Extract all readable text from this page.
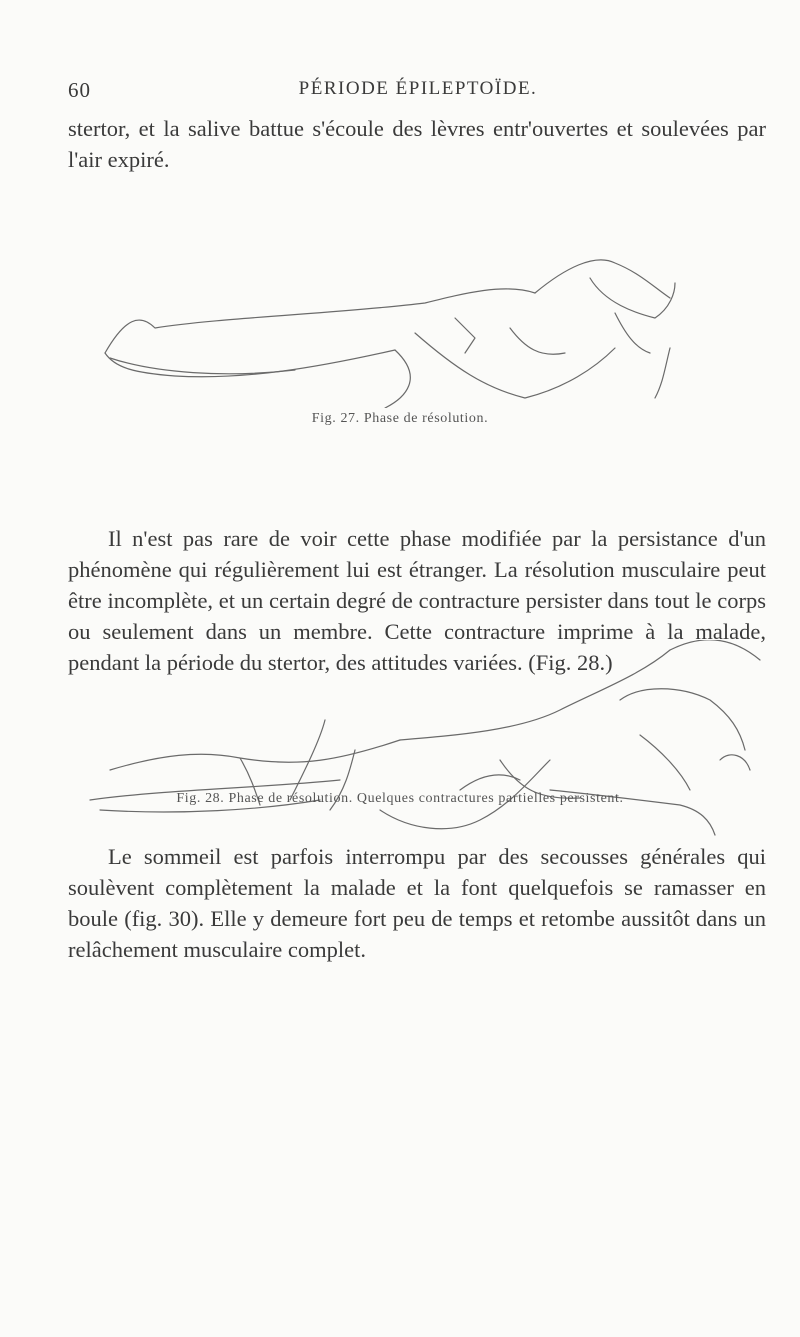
60	PÉRIODE ÉPILEPTOÏDE.

stertor, et la salive battue s'écoule des lèvres entr'ouvertes et soulevées par l'air expiré.

Fig. 27. Phase de résolution.

Il n'est pas rare de voir cette phase modifiée par la persistance d'un phénomène qui régulièrement lui est étranger. La résolution musculaire peut être incomplète, et un certain degré de contracture persister dans tout le corps ou seulement dans un membre. Cette contracture imprime à la malade, pendant la période du stertor, des attitudes variées. (Fig. 28.)

Fig. 28. Phase de résolution. Quelques contractures partielles persistent.

Le sommeil est parfois interrompu par des secousses générales qui soulèvent complètement la malade et la font quelquefois se ramasser en boule (fig. 30). Elle y demeure fort peu de temps et retombe aussitôt dans un relâchement musculaire complet.
